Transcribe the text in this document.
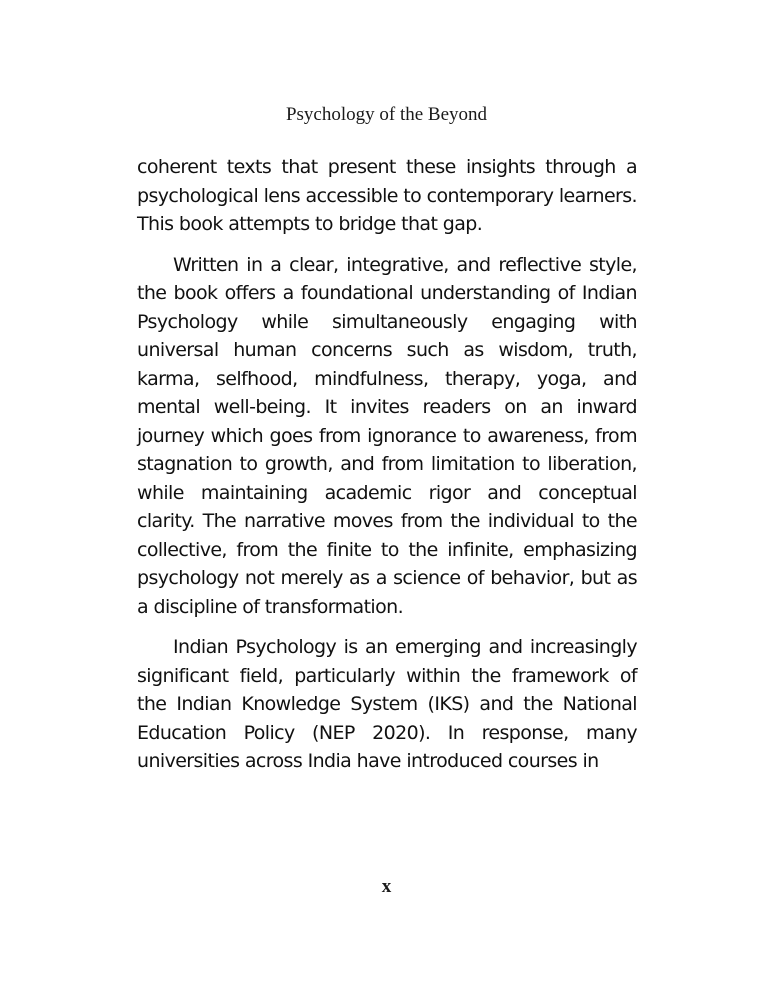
Psychology of the Beyond

coherent texts that present these insights through a psychological lens accessible to contemporary learners. This book attempts to bridge that gap.

Written in a clear, integrative, and reflective style, the book offers a foundational understanding of Indian Psychology while simultaneously engaging with universal human concerns such as wisdom, truth, karma, selfhood, mindfulness, therapy, yoga, and mental well-being. It invites readers on an inward journey which goes from ignorance to awareness, from stagnation to growth, and from limitation to liberation, while maintaining academic rigor and conceptual clarity. The narrative moves from the individual to the collective, from the finite to the infinite, emphasizing psychology not merely as a science of behavior, but as a discipline of transformation.

Indian Psychology is an emerging and increasingly significant field, particularly within the framework of the Indian Knowledge System (IKS) and the National Education Policy (NEP 2020). In response, many universities across India have introduced courses in

x
